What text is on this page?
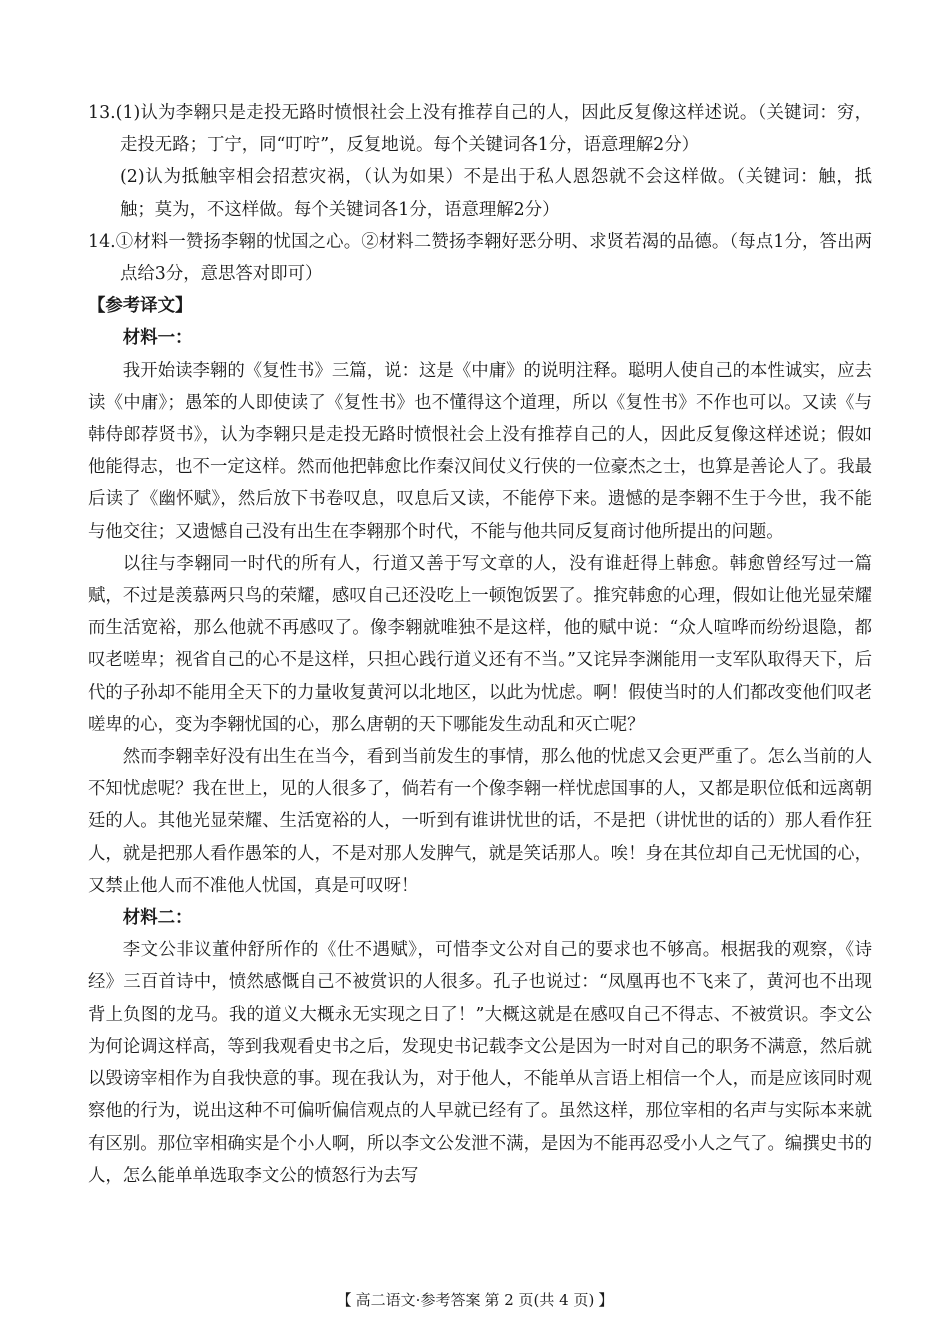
13.(1)认为李翱只是走投无路时愤恨社会上没有推荐自己的人，因此反复像这样述说。（关键词：穷，走投无路；丁宁，同“叮咛”，反复地说。每个关键词各1分，语意理解2分）

(2)认为抵触宰相会招惹灾祸，（认为如果）不是出于私人恩怨就不会这样做。（关键词：触，抵触；莫为，不这样做。每个关键词各1分，语意理解2分）

14.①材料一赞扬李翱的忧国之心。②材料二赞扬李翱好恶分明、求贤若渴的品德。（每点1分，答出两点给3分，意思答对即可）

【参考译文】

材料一：

我开始读李翱的《复性书》三篇，说：这是《中庸》的说明注释。聪明人使自己的本性诚实，应去读《中庸》；愚笨的人即使读了《复性书》也不懂得这个道理，所以《复性书》不作也可以。又读《与韩侍郎荐贤书》，认为李翱只是走投无路时愤恨社会上没有推荐自己的人，因此反复像这样述说；假如他能得志，也不一定这样。然而他把韩愈比作秦汉间仗义行侠的一位豪杰之士，也算是善论人了。我最后读了《幽怀赋》，然后放下书卷叹息，叹息后又读，不能停下来。遗憾的是李翱不生于今世，我不能与他交往；又遗憾自己没有出生在李翱那个时代，不能与他共同反复商讨他所提出的问题。

以往与李翱同一时代的所有人，行道又善于写文章的人，没有谁赶得上韩愈。韩愈曾经写过一篇赋，不过是羡慕两只鸟的荣耀，感叹自己还没吃上一顿饱饭罢了。推究韩愈的心理，假如让他光显荣耀而生活宽裕，那么他就不再感叹了。像李翱就唯独不是这样，他的赋中说：“众人喧哗而纷纷退隐，都叹老嗟卑；视省自己的心不是这样，只担心践行道义还有不当。”又诧异李渊能用一支军队取得天下，后代的子孙却不能用全天下的力量收复黄河以北地区，以此为忧虑。啊！假使当时的人们都改变他们叹老嗟卑的心，变为李翱忧国的心，那么唐朝的天下哪能发生动乱和灭亡呢？

然而李翱幸好没有出生在当今，看到当前发生的事情，那么他的忧虑又会更严重了。怎么当前的人不知忧虑呢？我在世上，见的人很多了，倘若有一个像李翱一样忧虑国事的人，又都是职位低和远离朝廷的人。其他光显荣耀、生活宽裕的人，一听到有谁讲忧世的话，不是把（讲忧世的话的）那人看作狂人，就是把那人看作愚笨的人，不是对那人发脾气，就是笑话那人。唉！身在其位却自己无忧国的心，又禁止他人而不准他人忧国，真是可叹呀！

材料二：

李文公非议董仲舒所作的《仕不遇赋》，可惜李文公对自己的要求也不够高。根据我的观察，《诗经》三百首诗中，愤然感慨自己不被赏识的人很多。孔子也说过：“凤凰再也不飞来了，黄河也不出现背上负图的龙马。我的道义大概永无实现之日了！”大概这就是在感叹自己不得志、不被赏识。李文公为何论调这样高，等到我观看史书之后，发现史书记载李文公是因为一时对自己的职务不满意，然后就以毁谤宰相作为自我快意的事。现在我认为，对于他人，不能单从言语上相信一个人，而是应该同时观察他的行为，说出这种不可偏听偏信观点的人早就已经有了。虽然这样，那位宰相的名声与实际本来就有区别。那位宰相确实是个小人啊，所以李文公发泄不满，是因为不能再忍受小人之气了。编撰史书的人，怎么能单单选取李文公的愤怒行为去写

【 高二语文·参考答案 第 2 页(共 4 页) 】
